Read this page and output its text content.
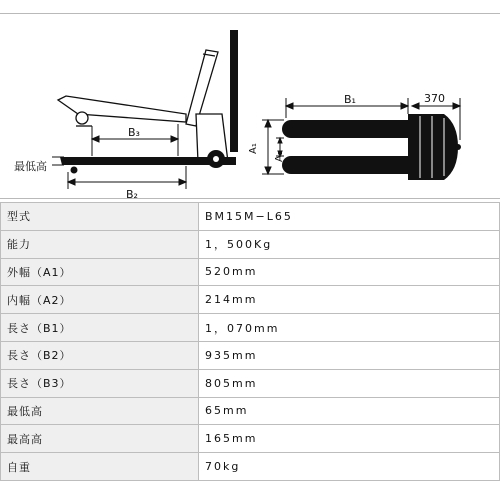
B₃
最低高
B₂
B₁	370
A₁
A₂
型式	BM15M−L65
能力	1，500Kg
外幅（A1）	520mm
内幅（A2）	214mm
長さ（B1）	1，070mm
長さ（B2）	935mm
長さ（B3）	805mm
最低高	65mm
最高高	165mm
自重	70kg
